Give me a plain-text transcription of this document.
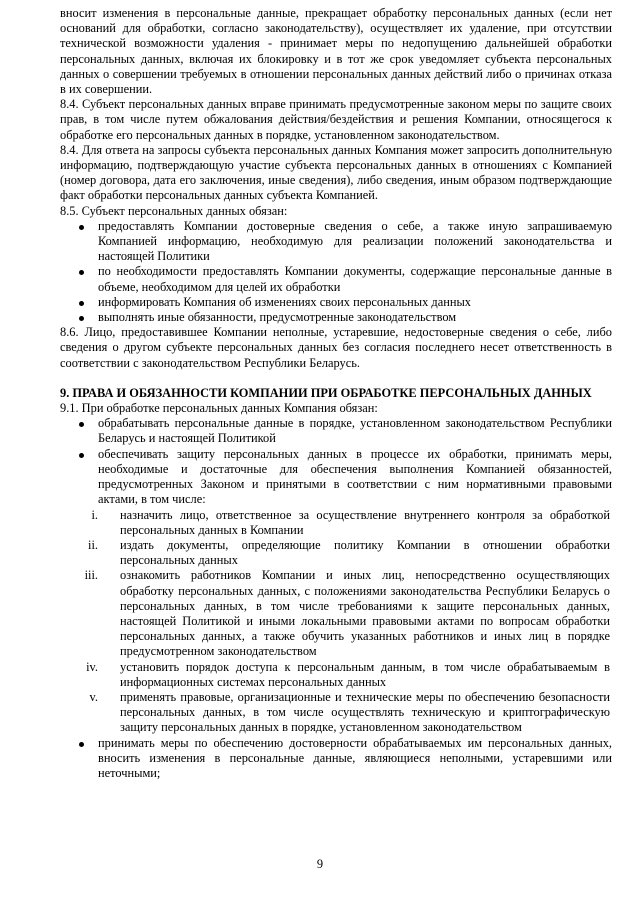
вносит изменения в персональные данные, прекращает обработку персональных данных (если нет оснований для обработки, согласно законодательству), осуществляет их удаление, при отсутствии технической возможности удаления - принимает меры по недопущению дальнейшей обработки персональных данных, включая их блокировку и в тот же срок уведомляет субъекта персональных данных о совершении требуемых в отношении персональных данных действий либо о причинах отказа в их совершении.

8.4. Субъект персональных данных вправе принимать предусмотренные законом меры по защите своих прав, в том числе путем обжалования действия/бездействия и решения Компании, относящегося к обработке его персональных данных в порядке, установленном законодательством.

8.4. Для ответа на запросы субъекта персональных данных Компания может запросить дополнительную информацию, подтверждающую участие субъекта персональных данных в отношениях с Компанией (номер договора, дата его заключения, иные сведения), либо сведения, иным образом подтверждающие факт обработки персональных данных субъекта Компанией.

8.5. Субъект персональных данных обязан:

предоставлять Компании достоверные сведения о себе, а также иную запрашиваемую Компанией информацию, необходимую для реализации положений законодательства и настоящей Политики
по необходимости предоставлять Компании документы, содержащие персональные данные в объеме, необходимом для целей их обработки
информировать Компания об изменениях своих персональных данных
выполнять иные обязанности, предусмотренные законодательством

8.6. Лицо, предоставившее Компании неполные, устаревшие, недостоверные сведения о себе, либо сведения о другом субъекте персональных данных без согласия последнего несет ответственность в соответствии с законодательством Республики Беларусь.

9. ПРАВА И ОБЯЗАННОСТИ КОМПАНИИ ПРИ ОБРАБОТКЕ ПЕРСОНАЛЬНЫХ ДАННЫХ

9.1. При обработке персональных данных Компания обязан:

обрабатывать персональные данные в порядке, установленном законодательством Республики Беларусь и настоящей Политикой
обеспечивать защиту персональных данных в процессе их обработки, принимать меры, необходимые и достаточные для обеспечения выполнения Компанией обязанностей, предусмотренных Законом и принятыми в соответствии с ним нормативными правовыми актами, в том числе:
i. назначить лицо, ответственное за осуществление внутреннего контроля за обработкой персональных данных в Компании
ii. издать документы, определяющие политику Компании в отношении обработки персональных данных
iii. ознакомить работников Компании и иных лиц, непосредственно осуществляющих обработку персональных данных, с положениями законодательства Республики Беларусь о персональных данных, в том числе требованиями к защите персональных данных, настоящей Политикой и иными локальными правовыми актами по вопросам обработки персональных данных, а также обучить указанных работников и иных лиц в порядке предусмотренном законодательством
iv. установить порядок доступа к персональным данным, в том числе обрабатываемым в информационных системах персональных данных
v. применять правовые, организационные и технические меры по обеспечению безопасности персональных данных, в том числе осуществлять техническую и криптографическую защиту персональных данных в порядке, установленном законодательством
принимать меры по обеспечению достоверности обрабатываемых им персональных данных, вносить изменения в персональные данные, являющиеся неполными, устаревшими или неточными;
9
